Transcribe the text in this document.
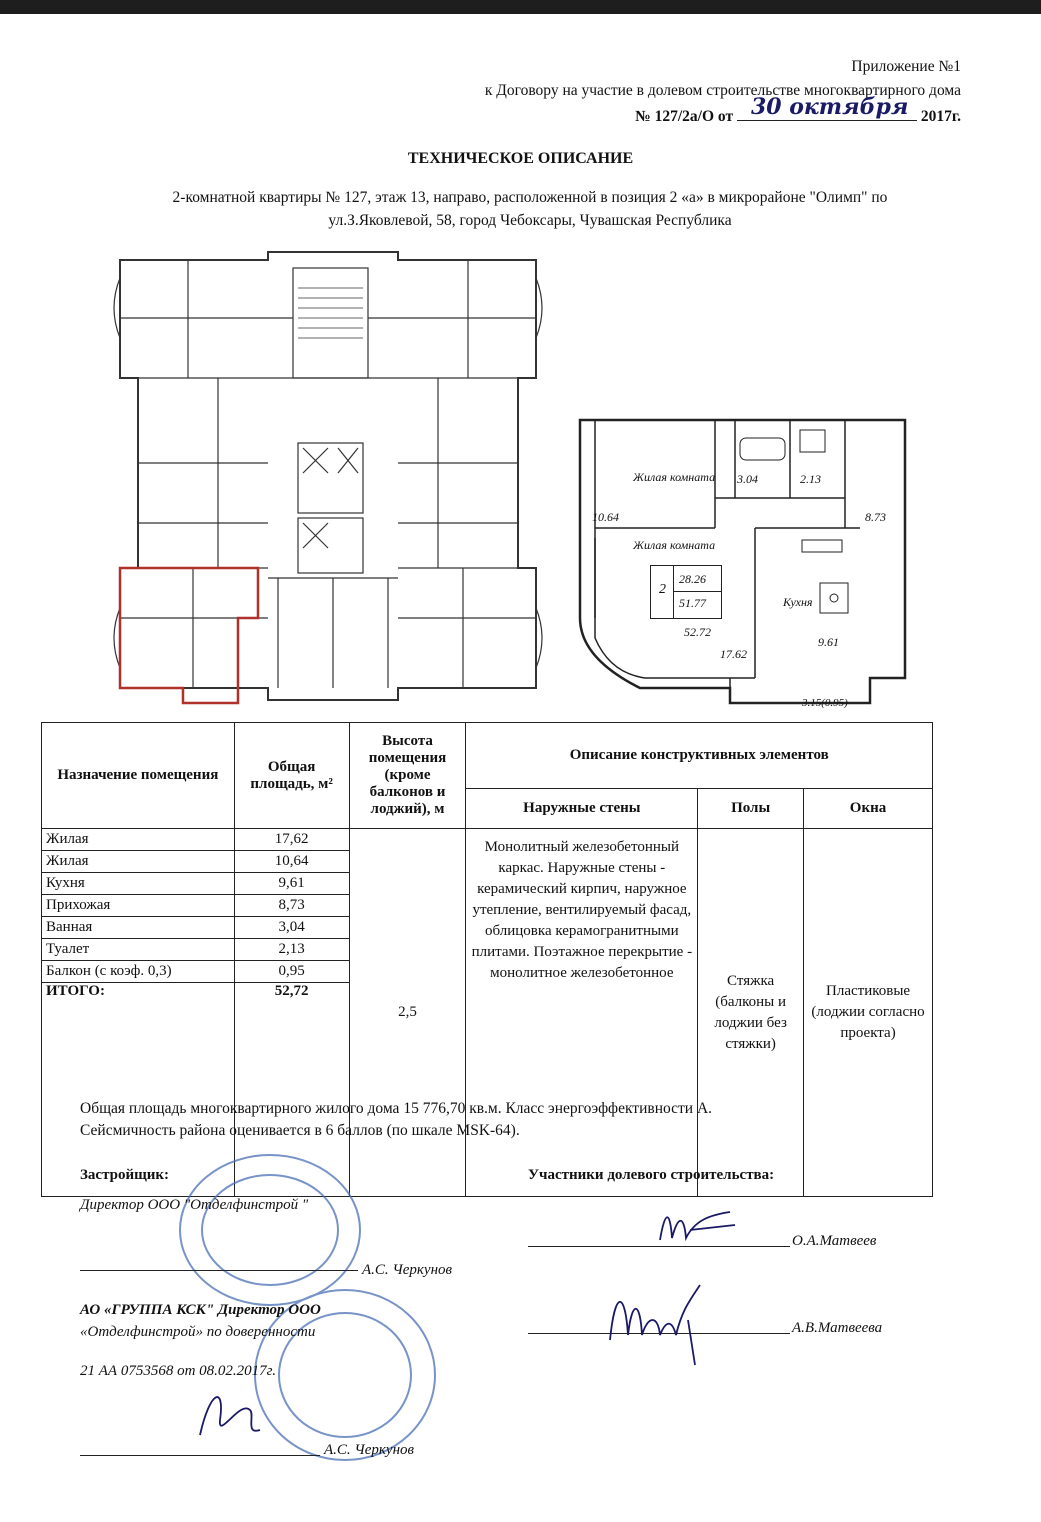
Приложение №1
к Договору на участие в долевом строительстве многоквартирного дома
№ 127/2а/О от 30 октября 2017г.
ТЕХНИЧЕСКОЕ ОПИСАНИЕ
2-комнатной квартиры № 127, этаж 13, направо, расположенной в позиция 2 «а» в микрорайоне "Олимп" по
ул.З.Яковлевой, 58, город Чебоксары, Чувашская Республика
Жилая комната 3.04	2.13
10.64	8.73
Жилая комната
2
28.26
51.77
52.72
17.62
Кухня
9.61
3.15(0.95)
Назначение помещения	Общая площадь, м²	Высота помещения (кроме балконов и лоджий), м	Описание конструктивных элементов		
			Наружные стены	Полы	Окна
Жилая	17,62	2,5	Монолитный железобетонный каркас. Наружные стены - керамический кирпич, наружное утепление, вентилируемый фасад, облицовка керамогранитными плитами. Поэтажное перекрытие - монолитное железобетонное	Стяжка (балконы и лоджии без стяжки)	Пластиковые (лоджии согласно проекта)
Жилая	10,64				
Кухня	9,61				
Прихожая	8,73				
Ванная	3,04				
Туалет	2,13				
Балкон (с коэф. 0,3)	0,95				
ИТОГО:	52,72				
Общая площадь многоквартирного жилого дома 15 776,70 кв.м. Класс энергоэффективности А.
Сейсмичность района оценивается в 6 баллов (по шкале MSK-64).
Застройщик:
Директор ООО "Отделфинстрой "
А.С. Черкунов
АО «ГРУППА КСК" Директор ООО
«Отделфинстрой» по доверенности
21 АА 0753568 от 08.02.2017г.
А.С. Черкунов
Участники долевого строительства:
О.А.Матвеев
А.В.Матвеева
